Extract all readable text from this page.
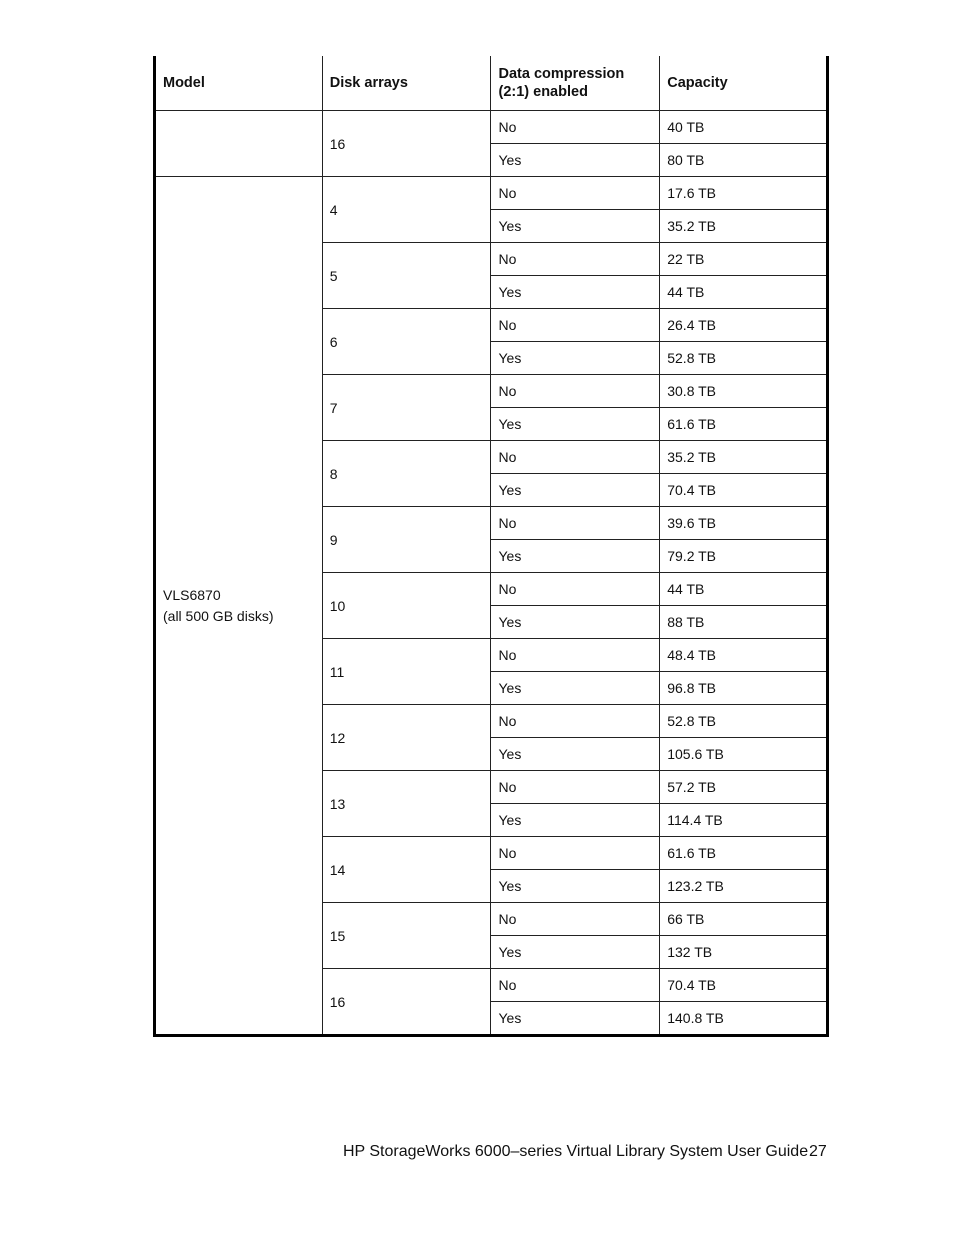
Model	Disk arrays	Data compression (2:1) enabled	Capacity
	16	No	40 TB
		Yes	80 TB

VLS6870
(all 500 GB disks)	4	No	17.6 TB
		Yes	35.2 TB
	5	No	22 TB
		Yes	44 TB
	6	No	26.4 TB
		Yes	52.8 TB
	7	No	30.8 TB
		Yes	61.6 TB
	8	No	35.2 TB
		Yes	70.4 TB
	9	No	39.6 TB
		Yes	79.2 TB
	10	No	44 TB
		Yes	88 TB
	11	No	48.4 TB
		Yes	96.8 TB
	12	No	52.8 TB
		Yes	105.6 TB
	13	No	57.2 TB
		Yes	114.4 TB
	14	No	61.6 TB
		Yes	123.2 TB
	15	No	66 TB
		Yes	132 TB
	16	No	70.4 TB
		Yes	140.8 TB
HP StorageWorks 6000–series Virtual Library System User Guide 27
